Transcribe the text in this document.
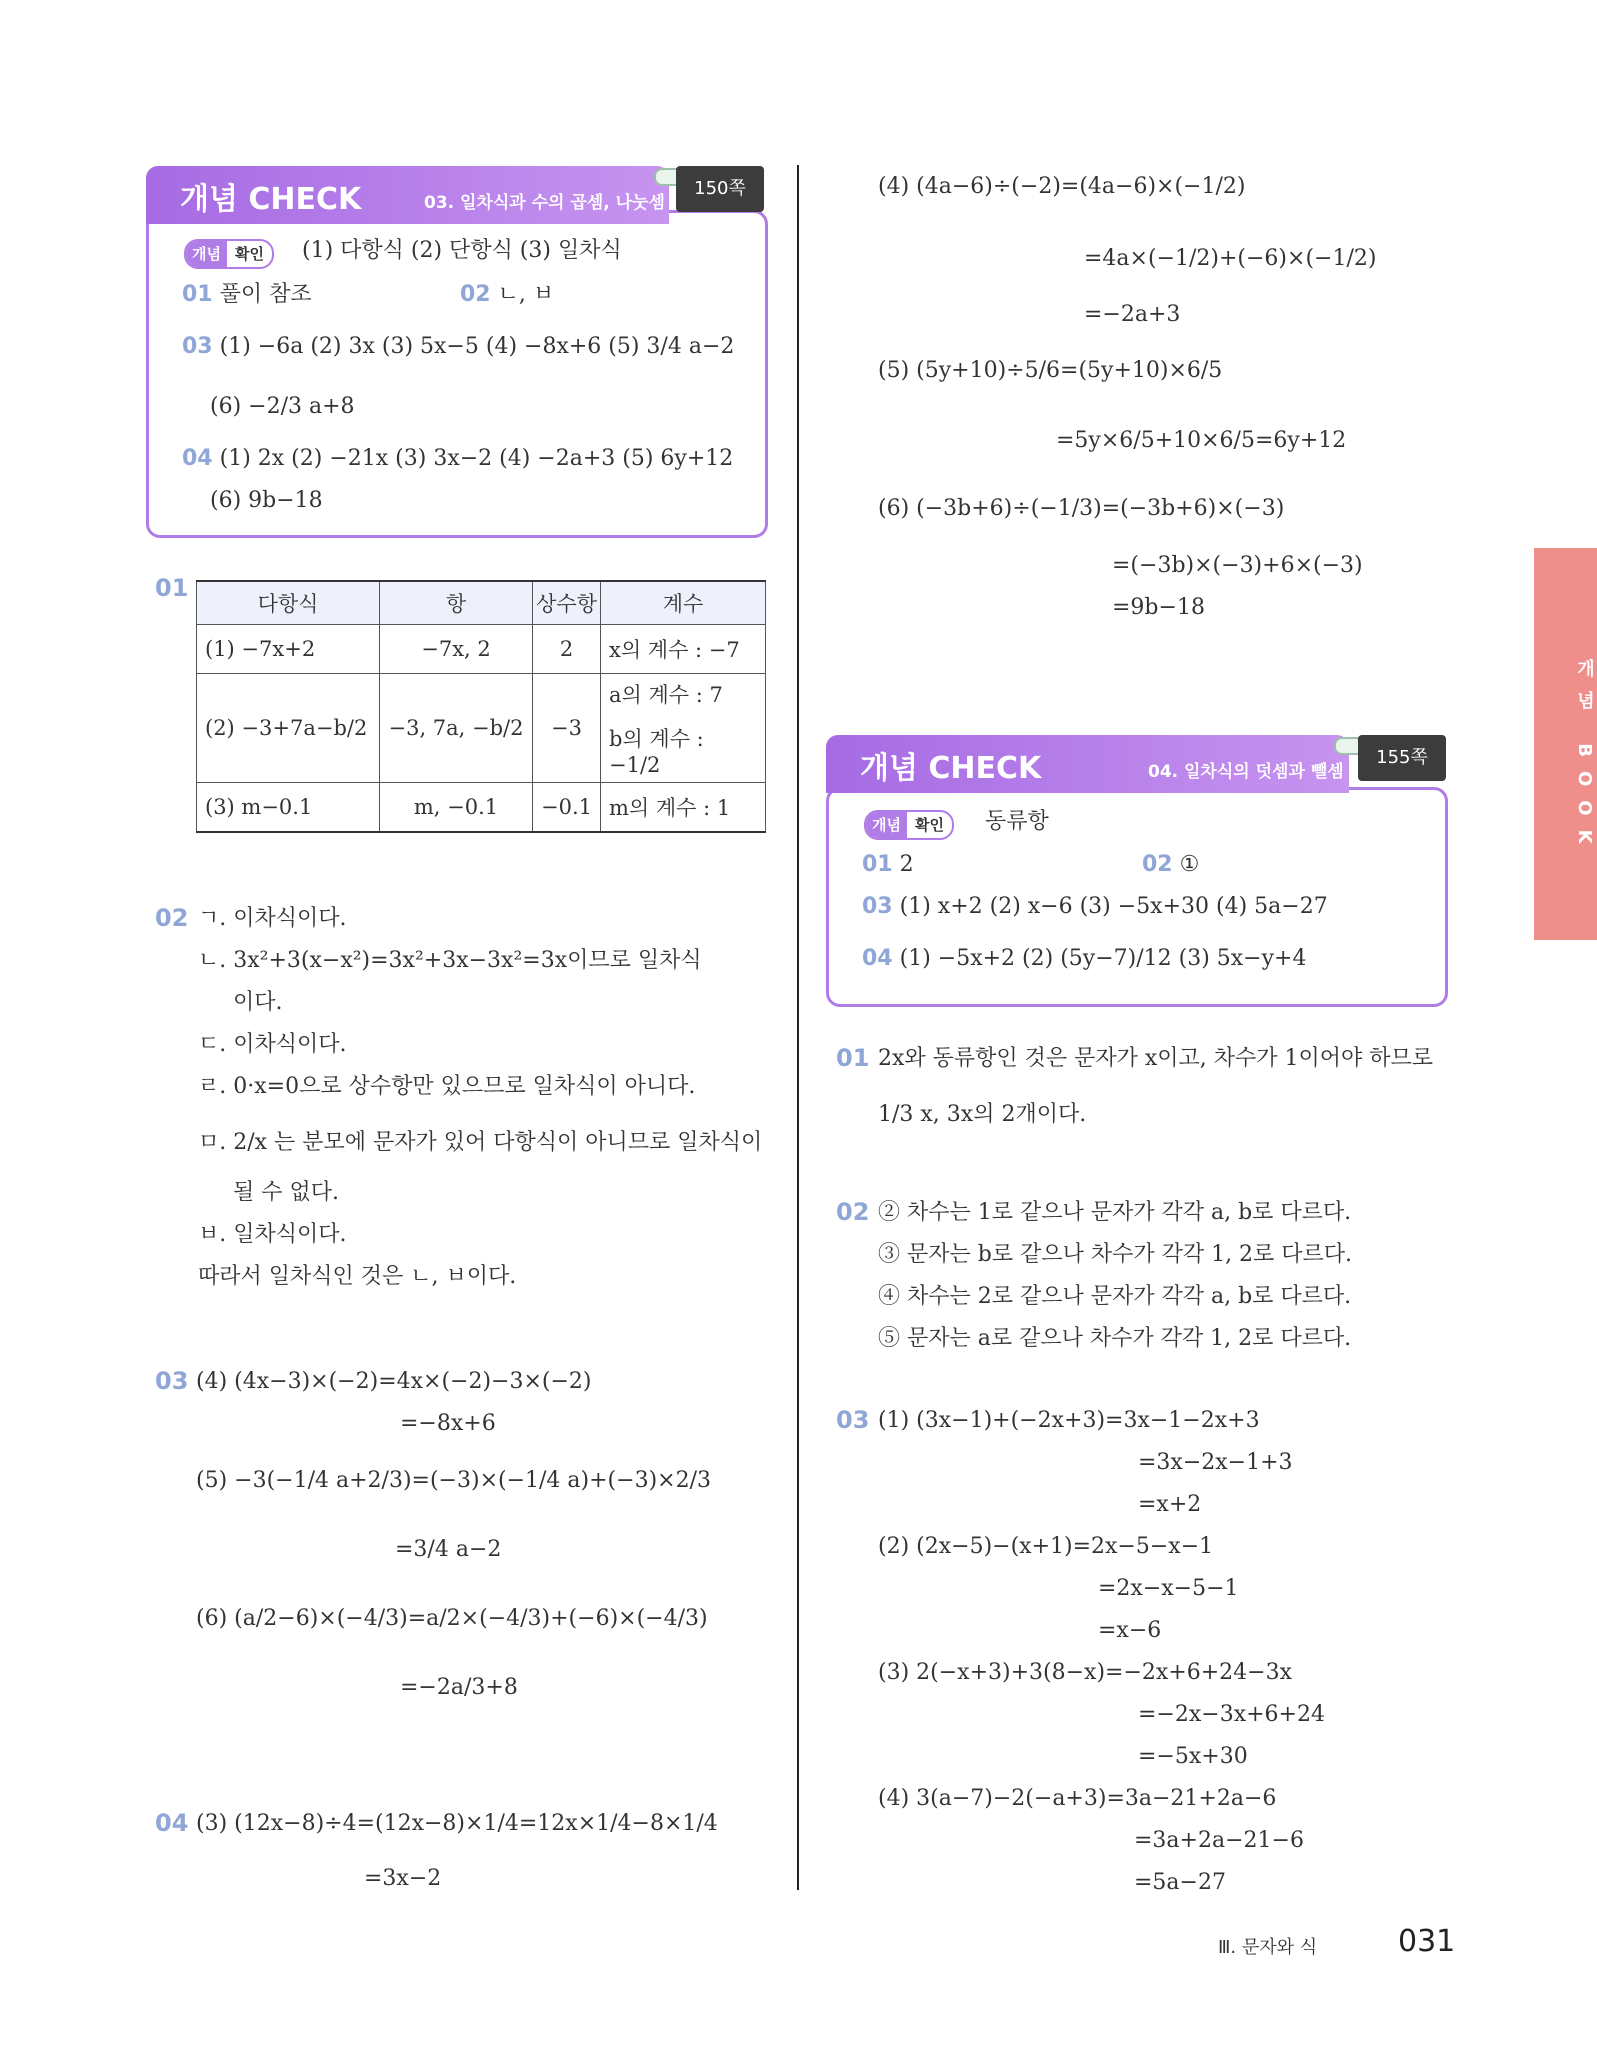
개념 CHECK	03. 일차식과 수의 곱셈, 나눗셈
150쪽
개념 확인	(1) 다항식 (2) 단항식 (3) 일차식
01 풀이 참조	02 ㄴ, ㅂ
03 (1) −6a (2) 3x (3) 5x−5 (4) −8x+6 (5) 3/4 a−2
(6) −2/3 a+8
04 (1) 2x (2) −21x (3) 3x−2 (4) −2a+3 (5) 6y+12
(6) 9b−18
01
다항식	항	상수항	계수
(1) −7x+2	−7x, 2	2	x의 계수 : −7
(2) −3+7a−b/2	−3, 7a, −b/2	−3	a의 계수 : 7
b의 계수 : −1/2

(3) m−0.1	m, −0.1	−0.1	m의 계수 : 1
02 ㄱ. 이차식이다.
ㄴ. 3x²+3(x−x²)=3x²+3x−3x²=3x이므로 일차식
이다.
ㄷ. 이차식이다.
ㄹ. 0·x=0으로 상수항만 있으므로 일차식이 아니다.
ㅁ. 2/x 는 분모에 문자가 있어 다항식이 아니므로 일차식이
될 수 없다.
ㅂ. 일차식이다.
따라서 일차식인 것은 ㄴ, ㅂ이다.
03 (4) (4x−3)×(−2)=4x×(−2)−3×(−2)
=−8x+6
(5) −3(−1/4 a+2/3)=(−3)×(−1/4 a)+(−3)×2/3
=3/4 a−2
(6) (a/2−6)×(−4/3)=a/2×(−4/3)+(−6)×(−4/3)
=−2a/3+8
04 (3) (12x−8)÷4=(12x−8)×1/4=12x×1/4−8×1/4
=3x−2
(4) (4a−6)÷(−2)=(4a−6)×(−1/2)
=4a×(−1/2)+(−6)×(−1/2)
=−2a+3
(5) (5y+10)÷5/6=(5y+10)×6/5
=5y×6/5+10×6/5=6y+12
(6) (−3b+6)÷(−1/3)=(−3b+6)×(−3)
=(−3b)×(−3)+6×(−3)
=9b−18
개념 CHECK	04. 일차식의 덧셈과 뺄셈
155쪽
개념 확인	동류항
01 2	02 ①
03 (1) x+2 (2) x−6 (3) −5x+30 (4) 5a−27
04 (1) −5x+2 (2) (5y−7)/12 (3) 5x−y+4
01 2x와 동류항인 것은 문자가 x이고, 차수가 1이어야 하므로
1/3 x, 3x의 2개이다.
02 ② 차수는 1로 같으나 문자가 각각 a, b로 다르다.
③ 문자는 b로 같으나 차수가 각각 1, 2로 다르다.
④ 차수는 2로 같으나 문자가 각각 a, b로 다르다.
⑤ 문자는 a로 같으나 차수가 각각 1, 2로 다르다.
03 (1) (3x−1)+(−2x+3)=3x−1−2x+3
=3x−2x−1+3
=x+2
(2) (2x−5)−(x+1)=2x−5−x−1
=2x−x−5−1
=x−6
(3) 2(−x+3)+3(8−x)=−2x+6+24−3x
=−2x−3x+6+24
=−5x+30
(4) 3(a−7)−2(−a+3)=3a−21+2a−6
=3a+2a−21−6
=5a−27
개념 BOOK
Ⅲ. 문자와 식	031
